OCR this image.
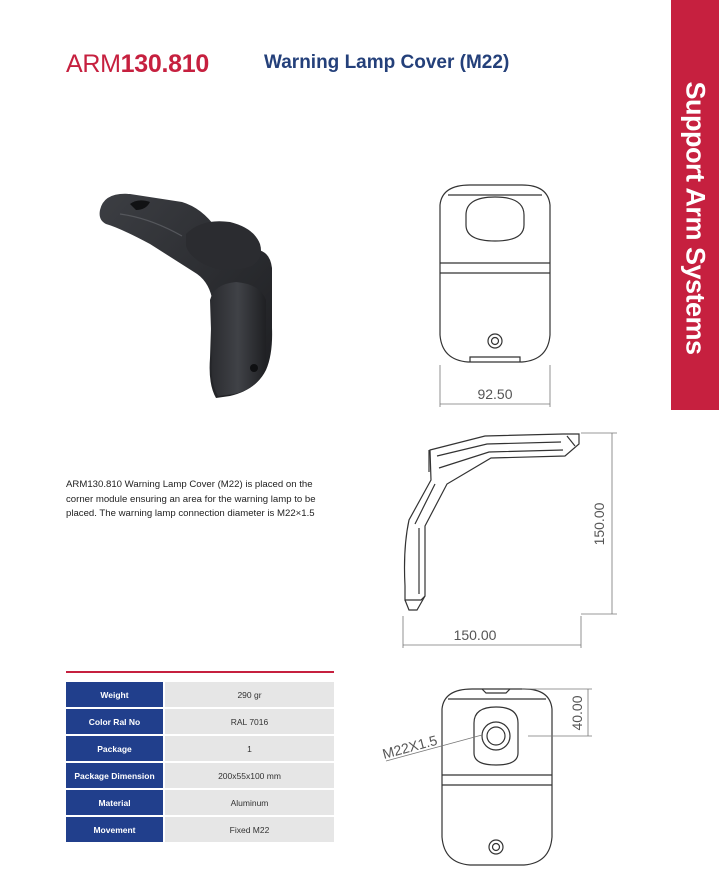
ARM130.810	Warning Lamp Cover (M22)
Support Arm Systems

ARM130.810 Warning Lamp Cover (M22) is placed on the corner module ensuring an area for the warning lamp to be placed. The warning lamp connection diameter is M22×1.5

92.50
150.00
150.00
40.00
M22X1.5
Weight	290 gr
Color Ral No	RAL 7016
Package	1
Package Dimension	200x55x100 mm
Material	Aluminum
Movement	Fixed M22
